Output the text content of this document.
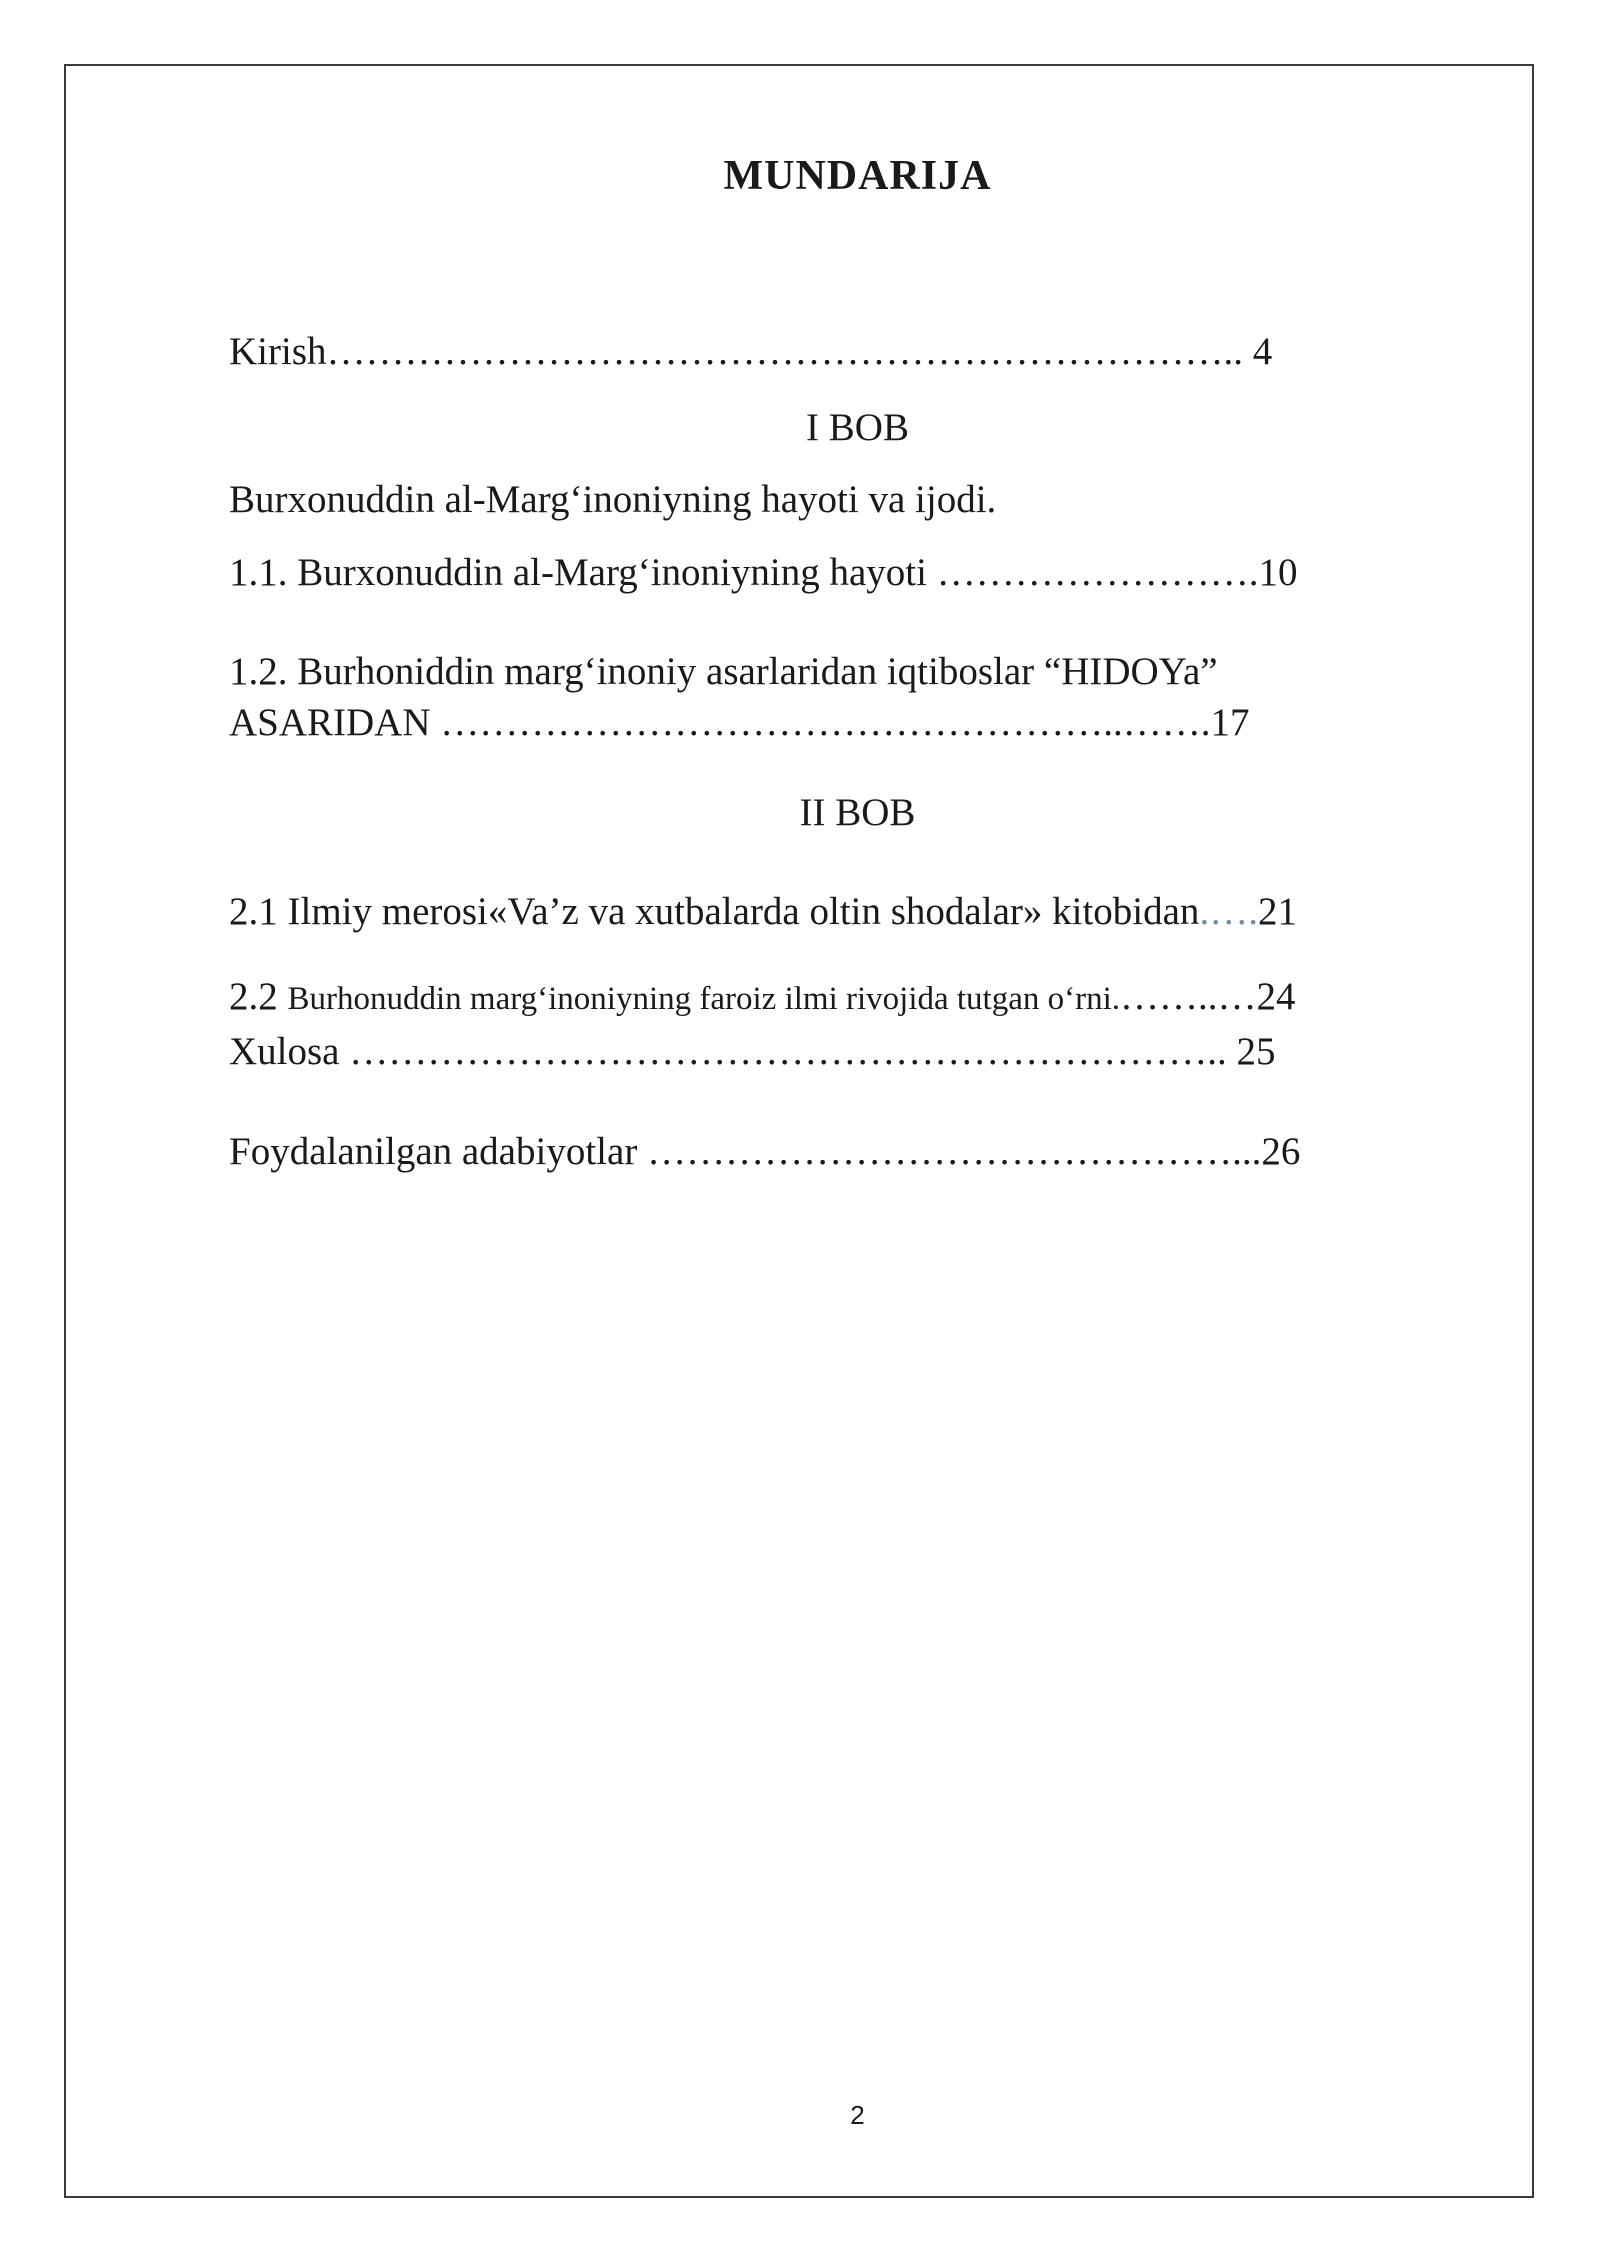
MUNDARIJA
Kirish…………………………………………………………….. 4
I BOB
Burxonuddin al-Marg‘inoniyning hayoti va ijodi.
1.1. Burxonuddin al-Marg‘inoniyning hayoti …………………….10
1.2. Burhoniddin marg‘inoniy asarlaridan iqtiboslar “HIDOYa”
ASARIDAN ……………………………………………..…….17
II BOB
2.1 Ilmiy merosi«Va’z va xutbalarda oltin shodalar» kitobidan.….21
2.2 Burhonuddin marg‘inoniyning faroiz ilmi rivojida tutgan o‘rni.……..…24
Xulosa ………………………………………………………….. 25
Foydalanilgan adabiyotlar ………………………………………...26
2
